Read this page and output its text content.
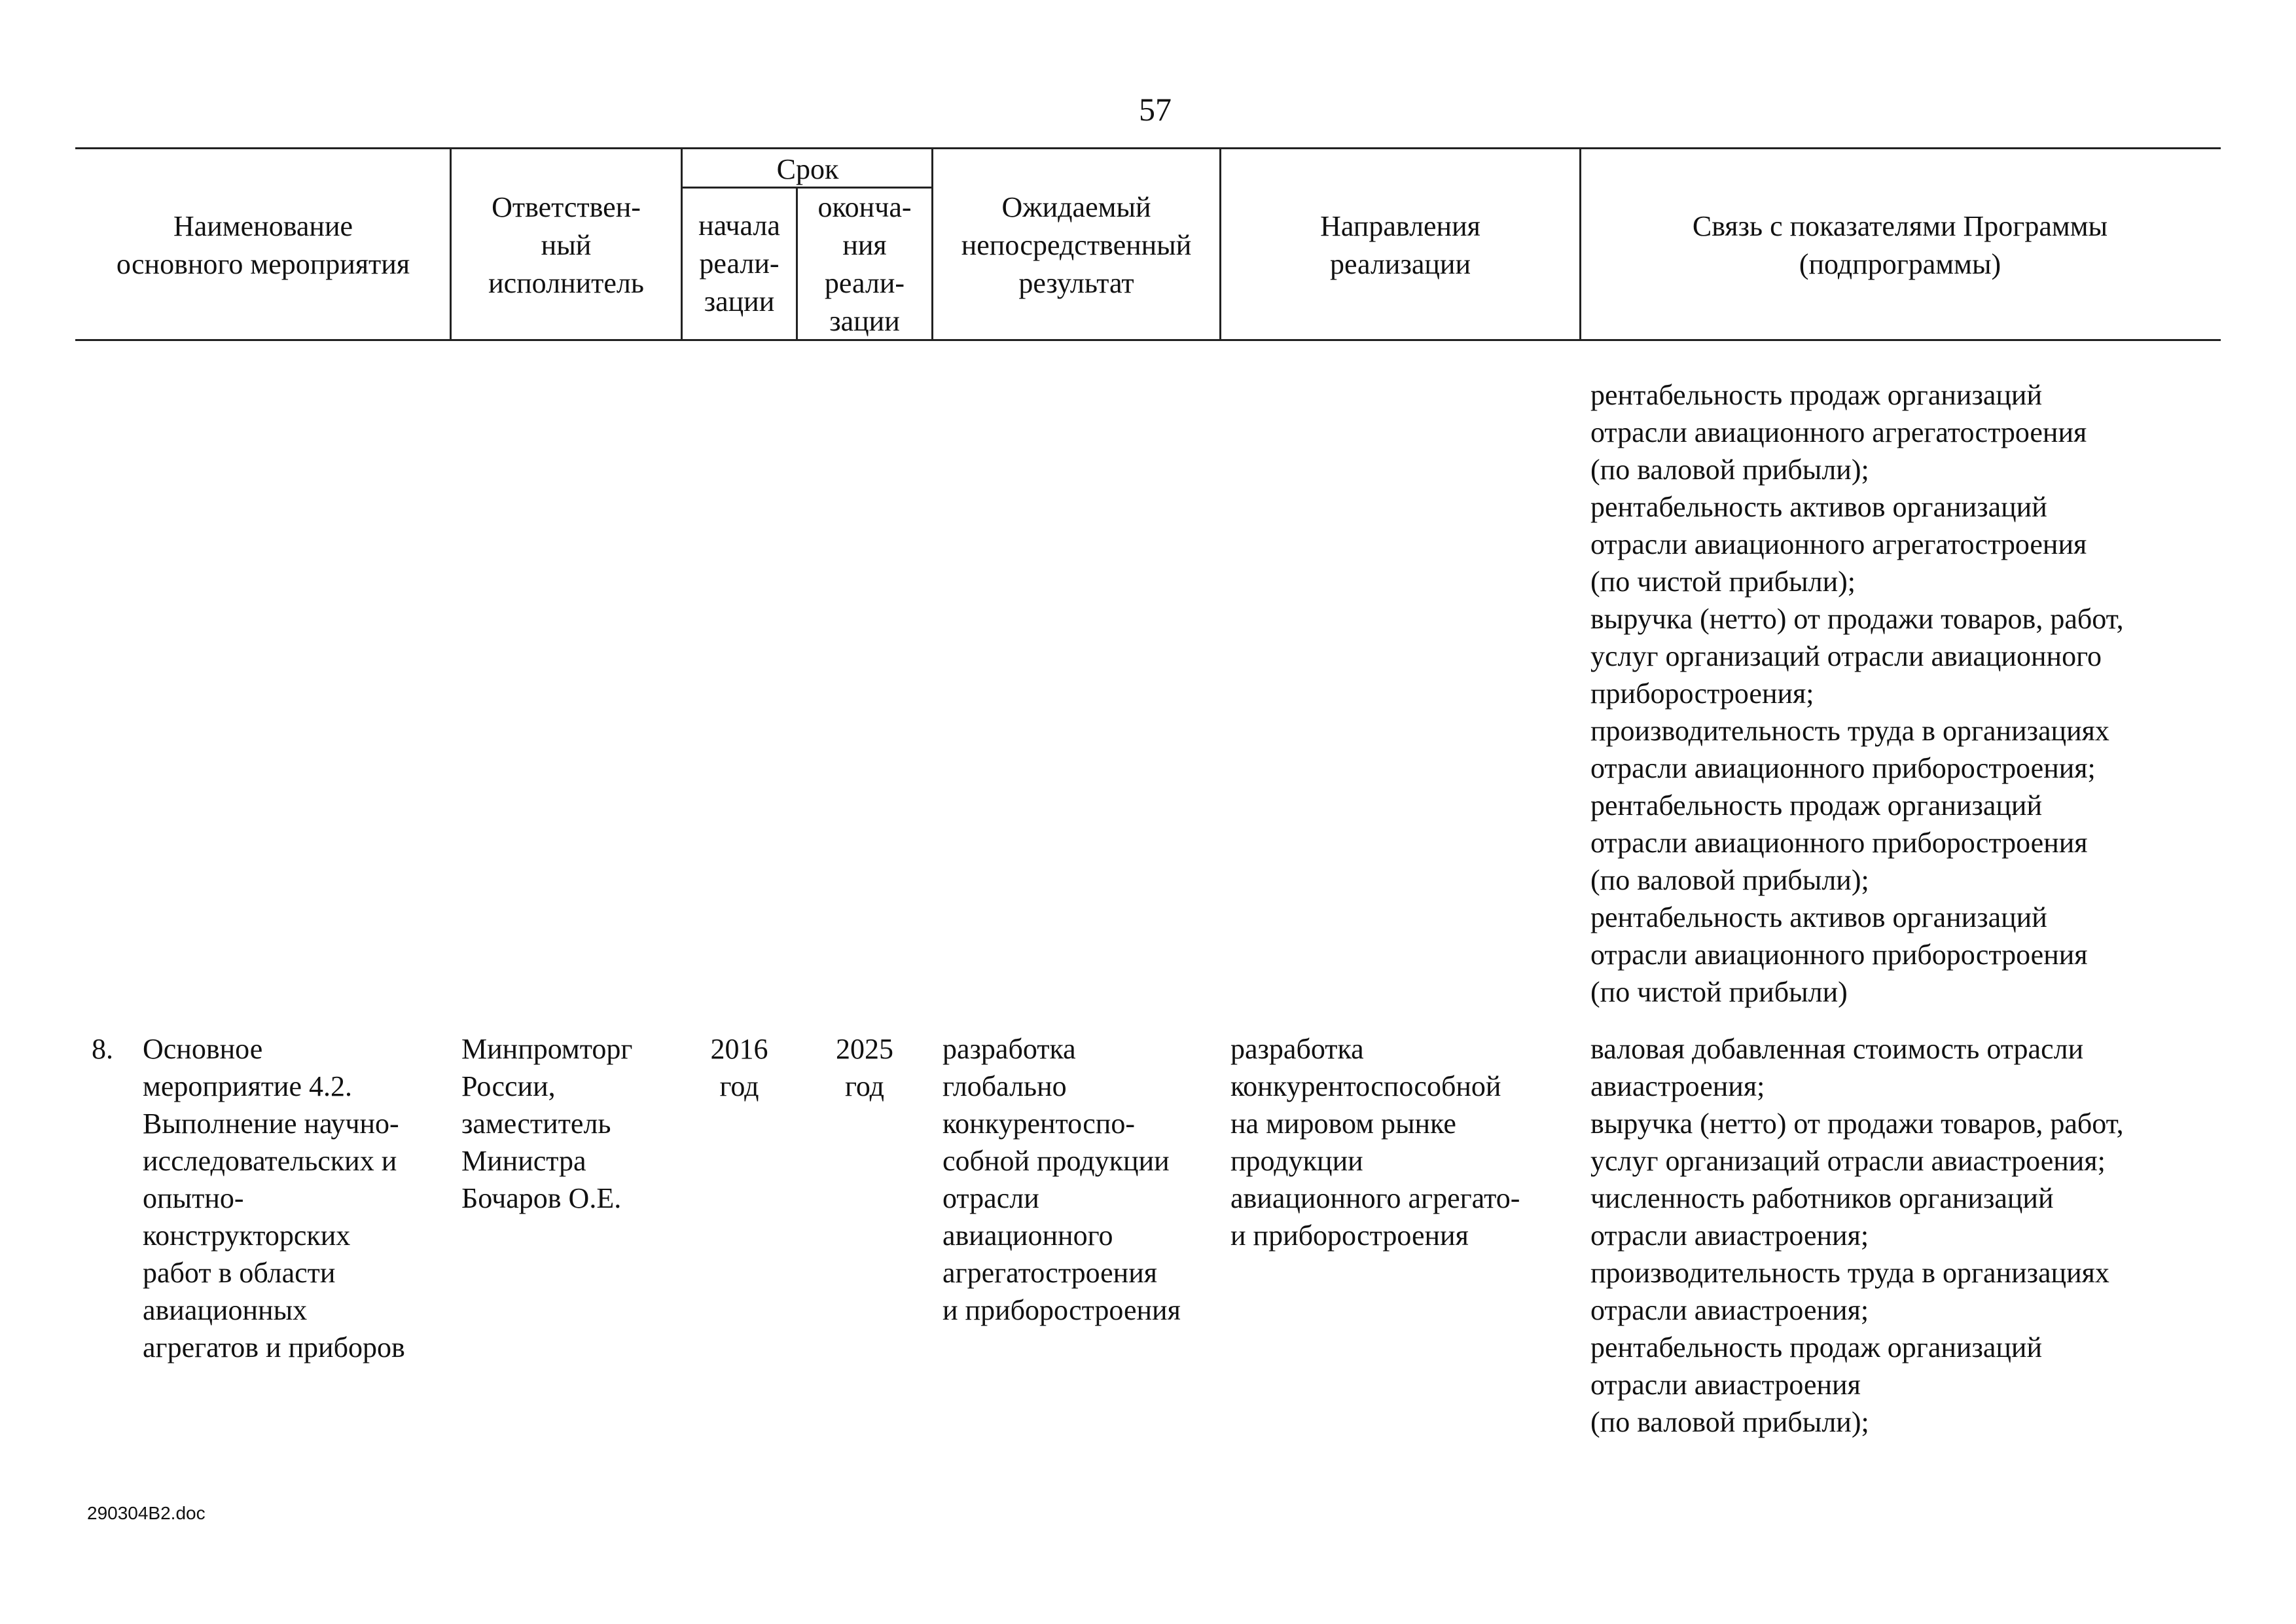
57
Наименование
основного мероприятия
Ответствен-
ный
исполнитель
Срок
начала
реали-
зации
оконча-
ния
реали-
зации
Ожидаемый
непосредственный
результат
Направления
реализации
Связь с показателями Программы
(подпрограммы)
рентабельность продаж организаций
отрасли авиационного агрегатостроения
(по валовой прибыли);
рентабельность активов организаций
отрасли авиационного агрегатостроения
(по чистой прибыли);
выручка (нетто) от продажи товаров, работ,
услуг организаций отрасли авиационного
приборостроения;
производительность труда в организациях
отрасли авиационного приборостроения;
рентабельность продаж организаций
отрасли авиационного приборостроения
(по валовой прибыли);
рентабельность активов организаций
отрасли авиационного приборостроения
(по чистой прибыли)
8.	Основное
мероприятие 4.2.
Выполнение научно-
исследовательских и
опытно-
конструкторских
работ в области
авиационных
агрегатов и приборов
Минпромторг
России,
заместитель
Министра
Бочаров О.Е.
2016
год
2025
год
разработка
глобально
конкурентоспо-
собной продукции
отрасли
авиационного
агрегатостроения
и приборостроения
разработка
конкурентоспособной
на мировом рынке
продукции
авиационного агрегато-
и приборостроения
валовая добавленная стоимость отрасли
авиастроения;
выручка (нетто) от продажи товаров, работ,
услуг организаций отрасли авиастроения;
численность работников организаций
отрасли авиастроения;
производительность труда в организациях
отрасли авиастроения;
рентабельность продаж организаций
отрасли авиастроения
(по валовой прибыли);
290304B2.doc
